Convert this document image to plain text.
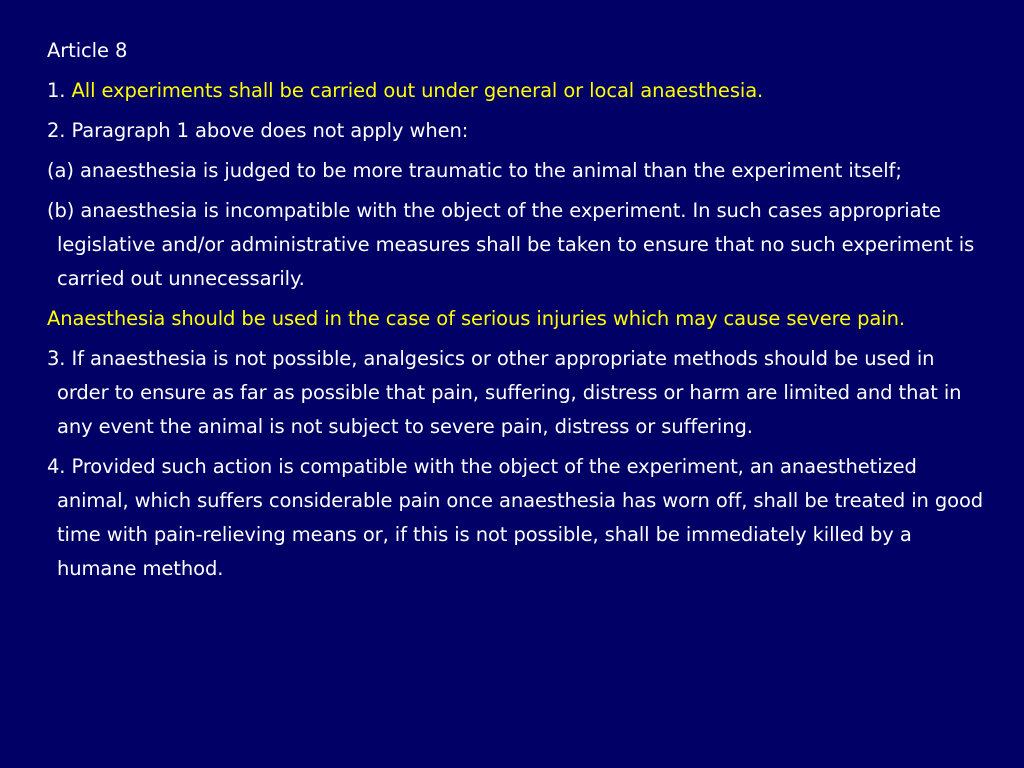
Article 8

1. All experiments shall be carried out under general or local anaesthesia.

2. Paragraph 1 above does not apply when:

(a) anaesthesia is judged to be more traumatic to the animal than the experiment itself;

(b) anaesthesia is incompatible with the object of the experiment. In such cases appropriate legislative and/or administrative measures shall be taken to ensure that no such experiment is carried out unnecessarily.

Anaesthesia should be used in the case of serious injuries which may cause severe pain.

3. If anaesthesia is not possible, analgesics or other appropriate methods should be used in order to ensure as far as possible that pain, suffering, distress or harm are limited and that in any event the animal is not subject to severe pain, distress or suffering.

4. Provided such action is compatible with the object of the experiment, an anaesthetized animal, which suffers considerable pain once anaesthesia has worn off, shall be treated in good time with pain-relieving means or, if this is not possible, shall be immediately killed by a humane method.
